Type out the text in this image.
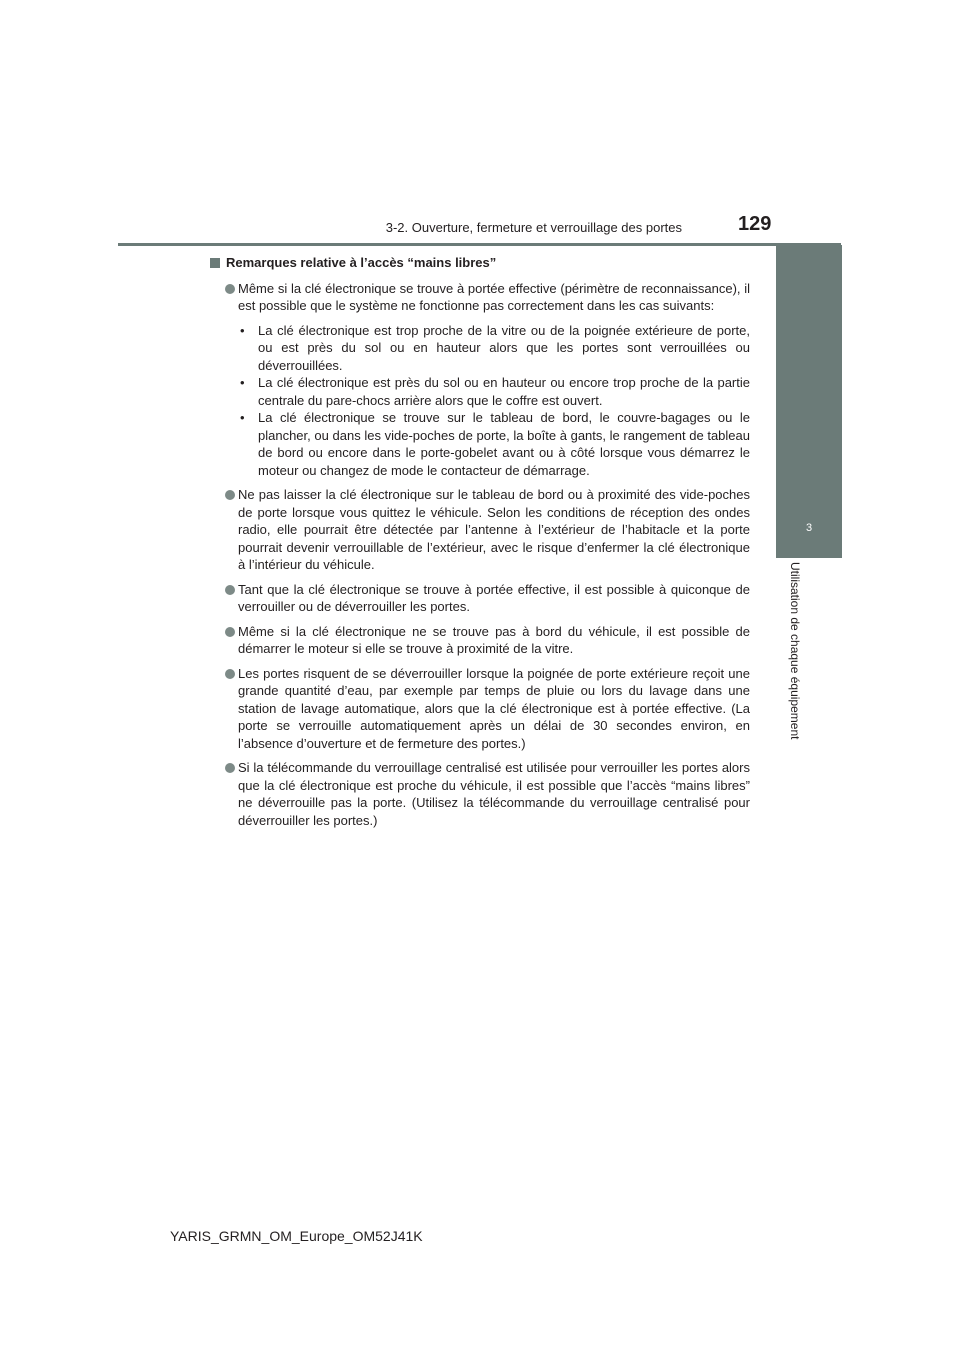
3-2. Ouverture, fermeture et verrouillage des portes	129
3
Utilisation de chaque équipement
Remarques relative à l’accès “mains libres”
Même si la clé électronique se trouve à portée effective (périmètre de reconnaissance), il est possible que le système ne fonctionne pas correctement dans les cas suivants:
• La clé électronique est trop proche de la vitre ou de la poignée extérieure de porte, ou est près du sol ou en hauteur alors que les portes sont verrouillées ou déverrouillées.
• La clé électronique est près du sol ou en hauteur ou encore trop proche de la partie centrale du pare-chocs arrière alors que le coffre est ouvert.
• La clé électronique se trouve sur le tableau de bord, le couvre-bagages ou le plancher, ou dans les vide-poches de porte, la boîte à gants, le rangement de tableau de bord ou encore dans le porte-gobelet avant ou à côté lorsque vous démarrez le moteur ou changez de mode le contacteur de démarrage.
Ne pas laisser la clé électronique sur le tableau de bord ou à proximité des vide-poches de porte lorsque vous quittez le véhicule. Selon les conditions de réception des ondes radio, elle pourrait être détectée par l’antenne à l’extérieur de l’habitacle et la porte pourrait devenir verrouillable de l’extérieur, avec le risque d’enfermer la clé électronique à l’intérieur du véhicule.
Tant que la clé électronique se trouve à portée effective, il est possible à quiconque de verrouiller ou de déverrouiller les portes.
Même si la clé électronique ne se trouve pas à bord du véhicule, il est possible de démarrer le moteur si elle se trouve à proximité de la vitre.
Les portes risquent de se déverrouiller lorsque la poignée de porte extérieure reçoit une grande quantité d’eau, par exemple par temps de pluie ou lors du lavage dans une station de lavage automatique, alors que la clé électronique est à portée effective. (La porte se verrouille automatiquement après un délai de 30 secondes environ, en l’absence d’ouverture et de fermeture des portes.)
Si la télécommande du verrouillage centralisé est utilisée pour verrouiller les portes alors que la clé électronique est proche du véhicule, il est possible que l’accès “mains libres” ne déverrouille pas la porte. (Utilisez la télécommande du verrouillage centralisé pour déverrouiller les portes.)
YARIS_GRMN_OM_Europe_OM52J41K
